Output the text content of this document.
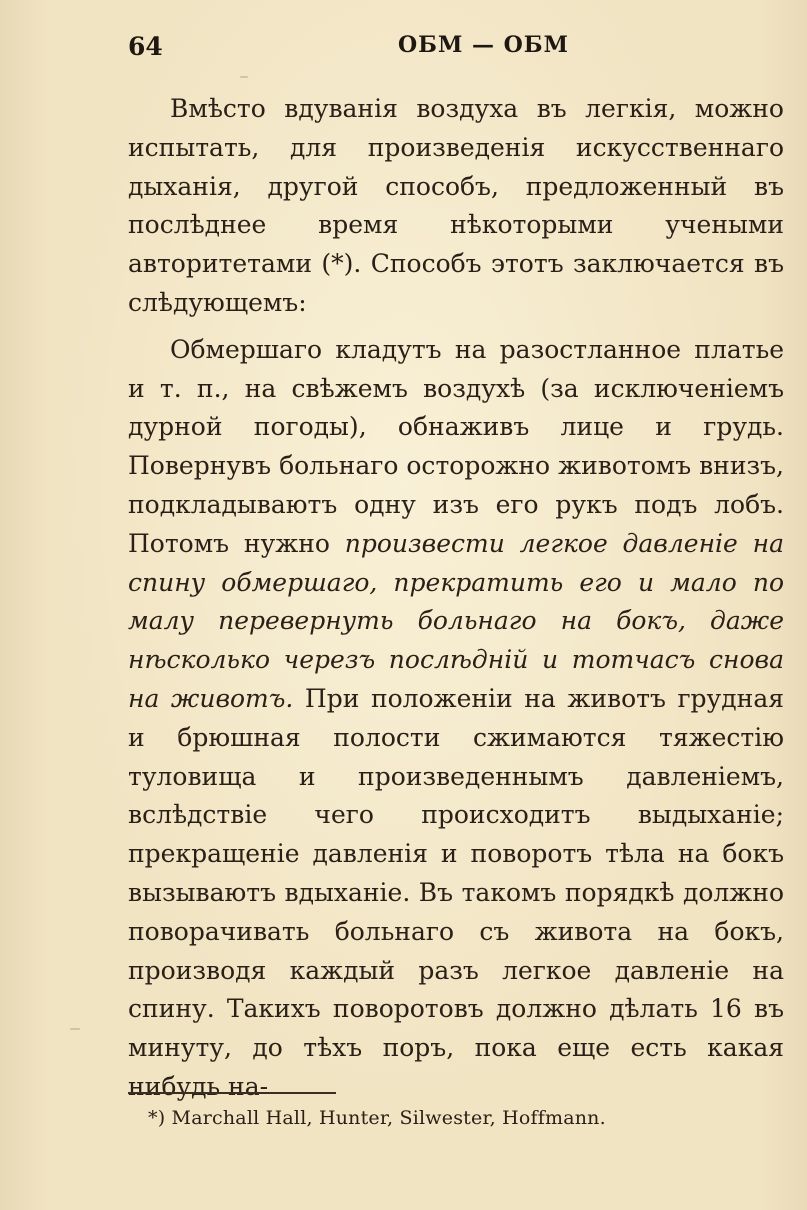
64	ОБМ — ОБМ

Вмѣсто вдуванія воздуха въ легкія, можно испытать, для произведенія искусственнаго дыханія, другой способъ, предложенный въ послѣднее время нѣкоторыми учеными авторитетами (*). Способъ этотъ заключается въ слѣдующемъ:

Обмершаго кладутъ на разостланное платье и т. п., на свѣжемъ воздухѣ (за исключеніемъ дурной погоды), обнаживъ лице и грудь. Повернувъ больнаго осторожно животомъ внизъ, подкладываютъ одну изъ его рукъ подъ лобъ. Потомъ нужно произвести легкое давленіе на спину обмершаго, прекратить его и мало по малу перевернуть больнаго на бокъ, даже нѣсколько черезъ послѣдній и тотчасъ снова на животъ. При положеніи на животъ грудная и брюшная полости сжимаются тяжестію туловища и произведеннымъ давленіемъ, вслѣдствіе чего происходитъ выдыханіе; прекращеніе давленія и поворотъ тѣла на бокъ вызываютъ вдыханіе. Въ такомъ порядкѣ должно поворачивать больнаго съ живота на бокъ, производя каждый разъ легкое давленіе на спину. Такихъ поворотовъ должно дѣлать 16 въ минуту, до тѣхъ поръ, пока еще есть какая нибудь на-

*) Marchall Hall, Hunter, Silwester, Hoffmann.
